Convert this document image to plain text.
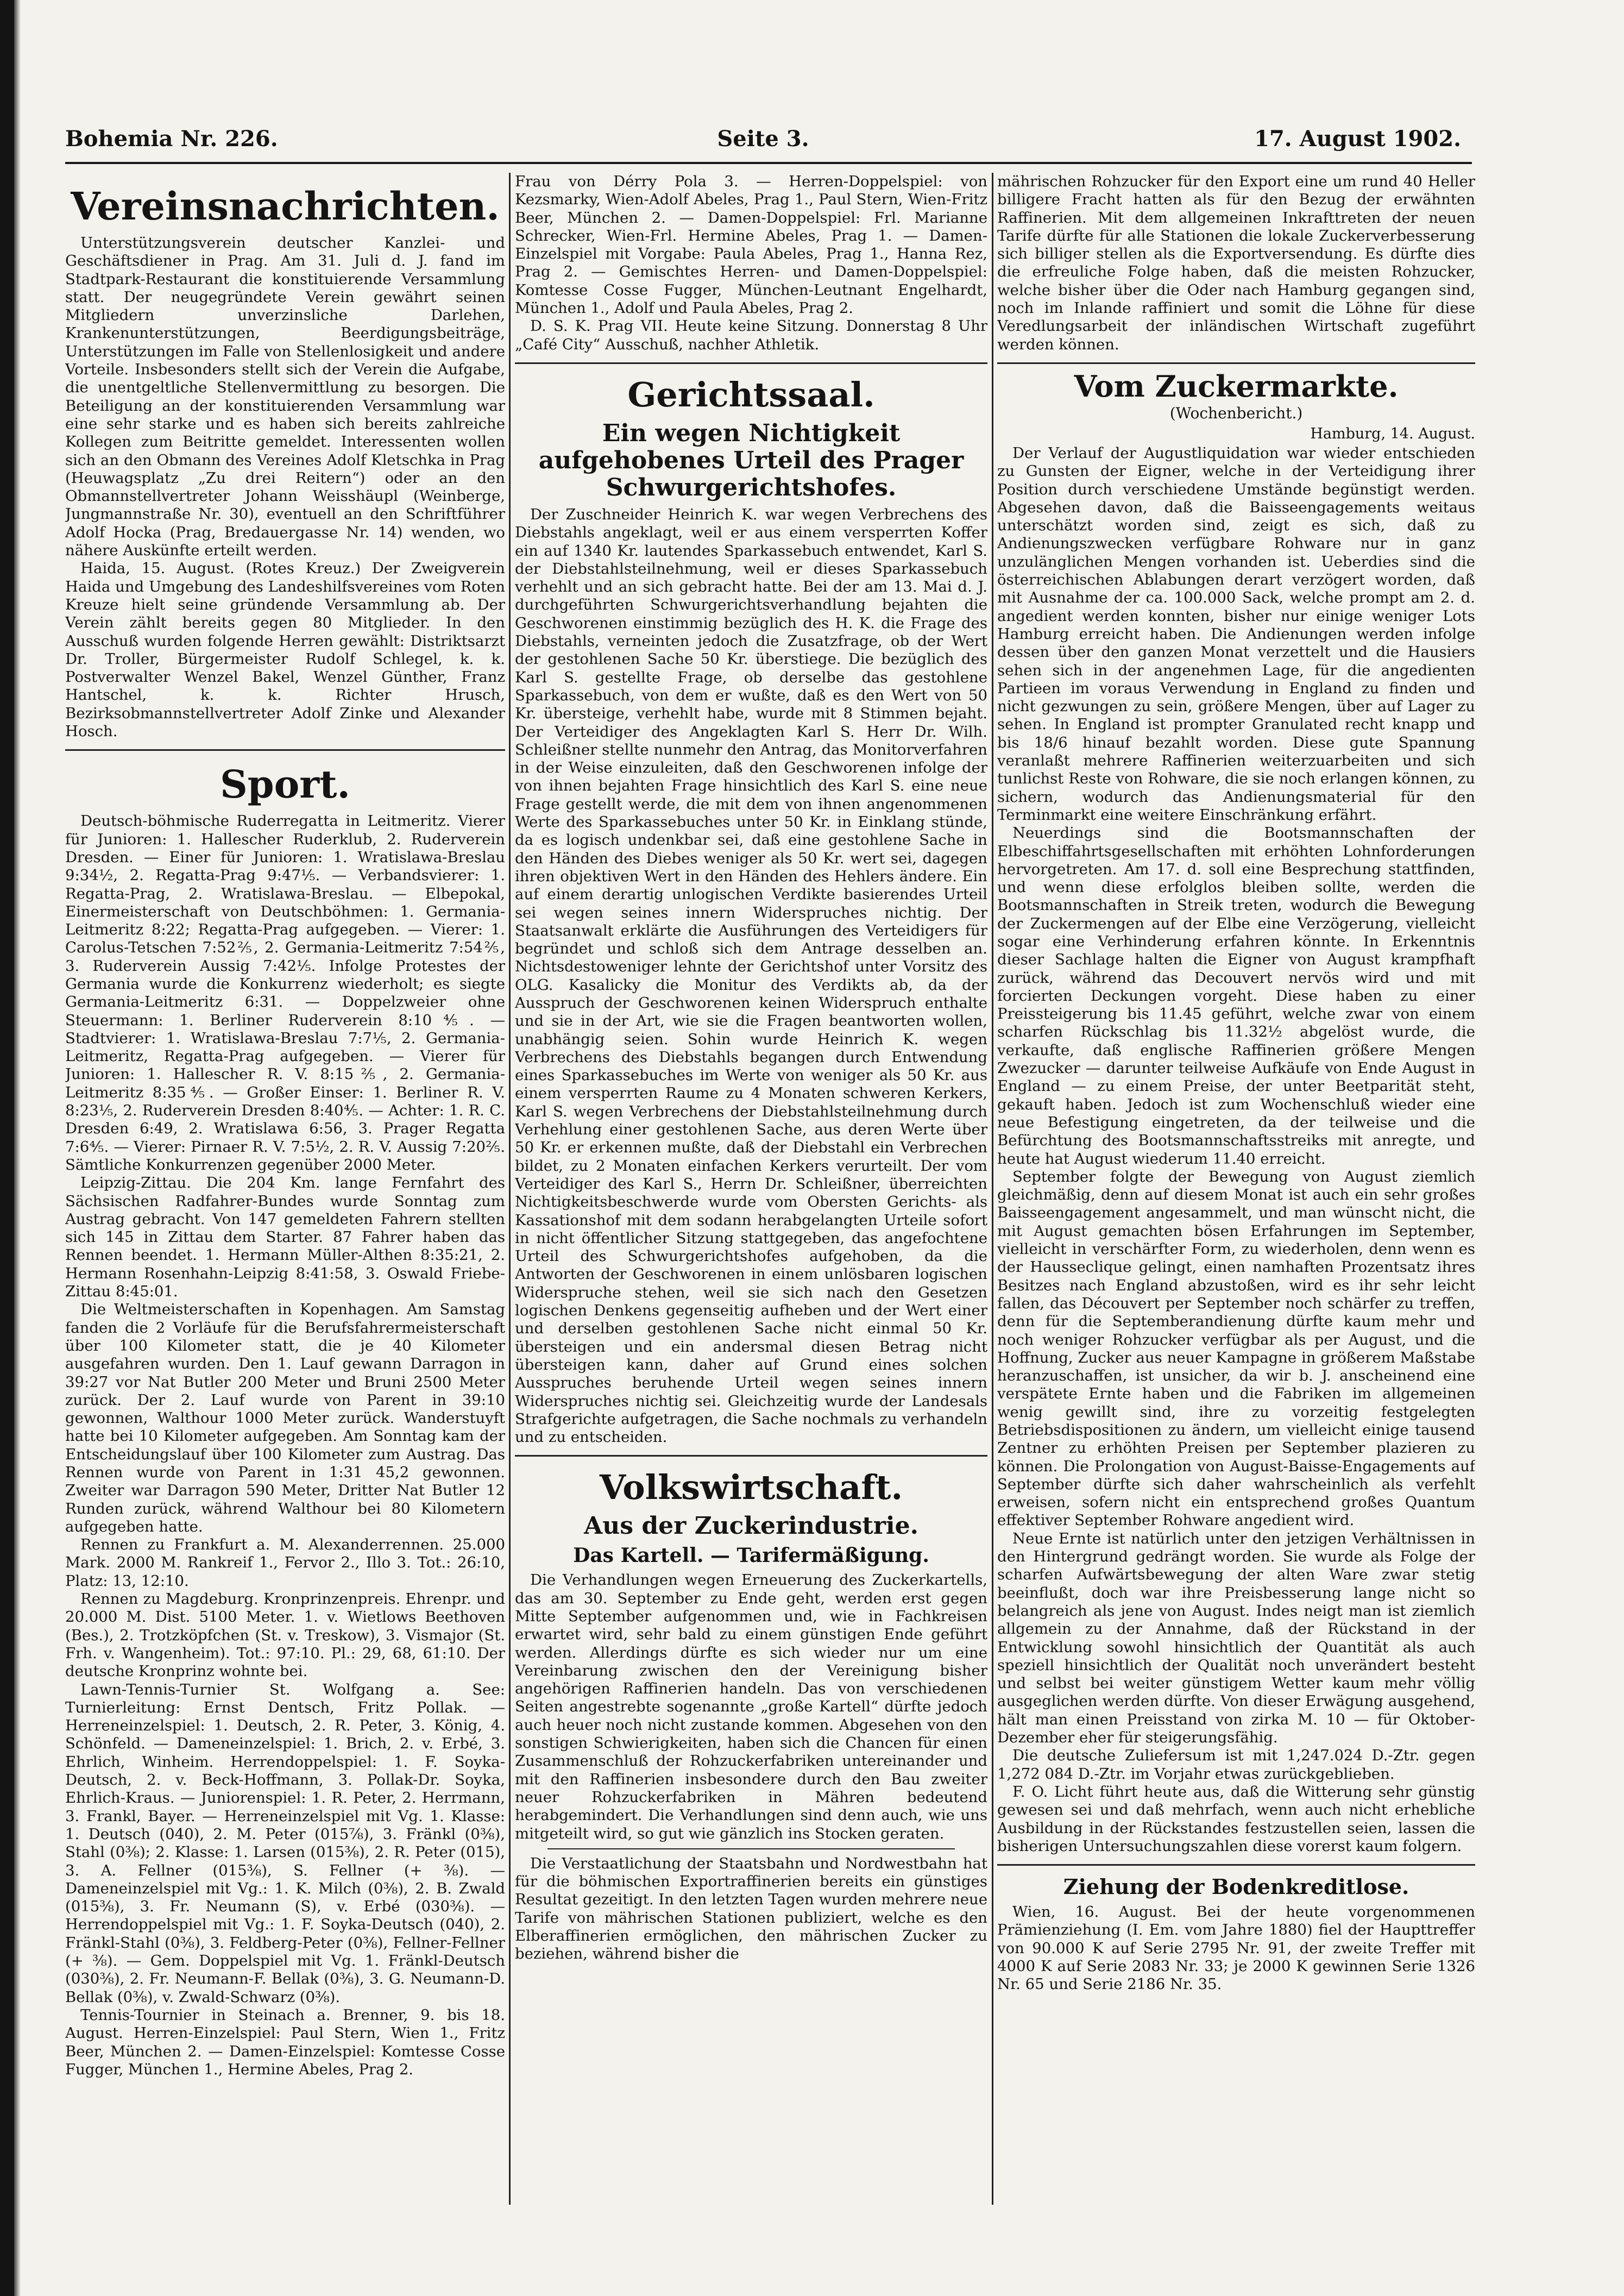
Bohemia Nr. 226.	Seite 3.	17. August 1902.
Vereinsnachrichten.

Unterstützungsverein deutscher Kanzlei- und Geschäftsdiener in Prag. Am 31. Juli d. J. fand im Stadtpark-Restaurant die konstituierende Versammlung statt. Der neugegründete Verein gewährt seinen Mitgliedern unverzinsliche Darlehen, Krankenunterstützungen, Beerdigungsbeiträge, Unterstützungen im Falle von Stellenlosigkeit und andere Vorteile. Insbesonders stellt sich der Verein die Aufgabe, die unentgeltliche Stellenvermittlung zu besorgen. Die Beteiligung an der konstituierenden Versammlung war eine sehr starke und es haben sich bereits zahlreiche Kollegen zum Beitritte gemeldet. Interessenten wollen sich an den Obmann des Vereines Adolf Kletschka in Prag (Heuwagsplatz „Zu drei Reitern“) oder an den Obmannstellvertreter Johann Weisshäupl (Weinberge, Jungmannstraße Nr. 30), eventuell an den Schriftführer Adolf Hocka (Prag, Bredauergasse Nr. 14) wenden, wo nähere Auskünfte erteilt werden.

Haida, 15. August. (Rotes Kreuz.) Der Zweigverein Haida und Umgebung des Landeshilfsvereines vom Roten Kreuze hielt seine gründende Versammlung ab. Der Verein zählt bereits gegen 80 Mitglieder. In den Ausschuß wurden folgende Herren gewählt: Distriktsarzt Dr. Troller, Bürgermeister Rudolf Schlegel, k. k. Postverwalter Wenzel Bakel, Wenzel Günther, Franz Hantschel, k. k. Richter Hrusch, Bezirksobmannstellvertreter Adolf Zinke und Alexander Hosch.

Sport.

Deutsch-böhmische Ruderregatta in Leitmeritz. Vierer für Junioren: 1. Hallescher Ruderklub, 2. Ruderverein Dresden. — Einer für Junioren: 1. Wratislawa-Breslau 9:34½, 2. Regatta-Prag 9:47⅕. — Verbandsvierer: 1. Regatta-Prag, 2. Wratislawa-Breslau. — Elbepokal, Einermeisterschaft von Deutschböhmen: 1. Germania-Leitmeritz 8:22; Regatta-Prag aufgegeben. — Vierer: 1. Carolus-Tetschen 7:52⅖, 2. Germania-Leitmeritz 7:54⅖, 3. Ruderverein Aussig 7:42⅕. Infolge Protestes der Germania wurde die Konkurrenz wiederholt; es siegte Germania-Leitmeritz 6:31. — Doppelzweier ohne Steuermann: 1. Berliner Ruderverein 8:10⅘. — Stadtvierer: 1. Wratislawa-Breslau 7:7⅕, 2. Germania-Leitmeritz, Regatta-Prag aufgegeben. — Vierer für Junioren: 1. Hallescher R. V. 8:15⅖, 2. Germania-Leitmeritz 8:35⅘. — Großer Einser: 1. Berliner R. V. 8:23⅕, 2. Ruderverein Dresden 8:40⅘. — Achter: 1. R. C. Dresden 6:49, 2. Wratislawa 6:56, 3. Prager Regatta 7:6⅘. — Vierer: Pirnaer R. V. 7:5½, 2. R. V. Aussig 7:20⅖. Sämtliche Konkurrenzen gegenüber 2000 Meter.

Leipzig-Zittau. Die 204 Km. lange Fernfahrt des Sächsischen Radfahrer-Bundes wurde Sonntag zum Austrag gebracht. Von 147 gemeldeten Fahrern stellten sich 145 in Zittau dem Starter. 87 Fahrer haben das Rennen beendet. 1. Hermann Müller-Althen 8:35:21, 2. Hermann Rosenhahn-Leipzig 8:41:58, 3. Oswald Friebe-Zittau 8:45:01.

Die Weltmeisterschaften in Kopenhagen. Am Samstag fanden die 2 Vorläufe für die Berufsfahrermeisterschaft über 100 Kilometer statt, die je 40 Kilometer ausgefahren wurden. Den 1. Lauf gewann Darragon in 39:27 vor Nat Butler 200 Meter und Bruni 2500 Meter zurück. Der 2. Lauf wurde von Parent in 39:10 gewonnen, Walthour 1000 Meter zurück. Wanderstuyft hatte bei 10 Kilometer aufgegeben. Am Sonntag kam der Entscheidungslauf über 100 Kilometer zum Austrag. Das Rennen wurde von Parent in 1:31 45,2 gewonnen. Zweiter war Darragon 590 Meter, Dritter Nat Butler 12 Runden zurück, während Walthour bei 80 Kilometern aufgegeben hatte.

Rennen zu Frankfurt a. M. Alexanderrennen. 25.000 Mark. 2000 M. Rankreif 1., Fervor 2., Illo 3. Tot.: 26:10, Platz: 13, 12:10.

Rennen zu Magdeburg. Kronprinzenpreis. Ehrenpr. und 20.000 M. Dist. 5100 Meter. 1. v. Wietlows Beethoven (Bes.), 2. Trotzköpfchen (St. v. Treskow), 3. Vismajor (St. Frh. v. Wangenheim). Tot.: 97:10. Pl.: 29, 68, 61:10. Der deutsche Kronprinz wohnte bei.

Lawn-Tennis-Turnier St. Wolfgang a. See: Turnierleitung: Ernst Dentsch, Fritz Pollak. — Herreneinzelspiel: 1. Deutsch, 2. R. Peter, 3. König, 4. Schönfeld. — Dameneinzelspiel: 1. Brich, 2. v. Erbé, 3. Ehrlich, Winheim. Herrendoppelspiel: 1. F. Soyka-Deutsch, 2. v. Beck-Hoffmann, 3. Pollak-Dr. Soyka, Ehrlich-Kraus. — Juniorenspiel: 1. R. Peter, 2. Herrmann, 3. Frankl, Bayer. — Herreneinzelspiel mit Vg. 1. Klasse: 1. Deutsch (040), 2. M. Peter (015⅞), 3. Fränkl (0⅜), Stahl (0⅜); 2. Klasse: 1. Larsen (015⅜), 2. R. Peter (015), 3. A. Fellner (015⅜), S. Fellner (+ ⅜). — Dameneinzelspiel mit Vg.: 1. K. Milch (0⅜), 2. B. Zwald (015⅜), 3. Fr. Neumann (S), v. Erbé (030⅜). — Herrendoppelspiel mit Vg.: 1. F. Soyka-Deutsch (040), 2. Fränkl-Stahl (0⅜), 3. Feldberg-Peter (0⅜), Fellner-Fellner (+ ⅜). — Gem. Doppelspiel mit Vg. 1. Fränkl-Deutsch (030⅜), 2. Fr. Neumann-F. Bellak (0⅜), 3. G. Neumann-D. Bellak (0⅜), v. Zwald-Schwarz (0⅜).

Tennis-Tournier in Steinach a. Brenner, 9. bis 18. August. Herren-Einzelspiel: Paul Stern, Wien 1., Fritz Beer, München 2. — Damen-Einzelspiel: Komtesse Cosse Fugger, München 1., Hermine Abeles, Prag 2.

Frau von Dérry Pola 3. — Herren-Doppelspiel: von Kezsmarky, Wien-Adolf Abeles, Prag 1., Paul Stern, Wien-Fritz Beer, München 2. — Damen-Doppelspiel: Frl. Marianne Schrecker, Wien-Frl. Hermine Abeles, Prag 1. — Damen-Einzelspiel mit Vorgabe: Paula Abeles, Prag 1., Hanna Rez, Prag 2. — Gemischtes Herren- und Damen-Doppelspiel: Komtesse Cosse Fugger, München-Leutnant Engelhardt, München 1., Adolf und Paula Abeles, Prag 2.

D. S. K. Prag VII. Heute keine Sitzung. Donnerstag 8 Uhr „Café City“ Ausschuß, nachher Athletik.

Gerichtssaal.
Ein wegen Nichtigkeit aufgehobenes Urteil des Prager Schwurgerichtshofes.

Der Zuschneider Heinrich K. war wegen Verbrechens des Diebstahls angeklagt, weil er aus einem versperrten Koffer ein auf 1340 Kr. lautendes Sparkassebuch entwendet, Karl S. der Diebstahlsteilnehmung, weil er dieses Sparkassebuch verhehlt und an sich gebracht hatte. Bei der am 13. Mai d. J. durchgeführten Schwurgerichtsverhandlung bejahten die Geschworenen einstimmig bezüglich des H. K. die Frage des Diebstahls, verneinten jedoch die Zusatzfrage, ob der Wert der gestohlenen Sache 50 Kr. überstiege. Die bezüglich des Karl S. gestellte Frage, ob derselbe das gestohlene Sparkassebuch, von dem er wußte, daß es den Wert von 50 Kr. übersteige, verhehlt habe, wurde mit 8 Stimmen bejaht. Der Verteidiger des Angeklagten Karl S. Herr Dr. Wilh. Schleißner stellte nunmehr den Antrag, das Monitorverfahren in der Weise einzuleiten, daß den Geschworenen infolge der von ihnen bejahten Frage hinsichtlich des Karl S. eine neue Frage gestellt werde, die mit dem von ihnen angenommenen Werte des Sparkassebuches unter 50 Kr. in Einklang stünde, da es logisch undenkbar sei, daß eine gestohlene Sache in den Händen des Diebes weniger als 50 Kr. wert sei, dagegen ihren objektiven Wert in den Händen des Hehlers ändere. Ein auf einem derartig unlogischen Verdikte basierendes Urteil sei wegen seines innern Widerspruches nichtig. Der Staatsanwalt erklärte die Ausführungen des Verteidigers für begründet und schloß sich dem Antrage desselben an. Nichtsdestoweniger lehnte der Gerichtshof unter Vorsitz des OLG. Kasalicky die Monitur des Verdikts ab, da der Ausspruch der Geschworenen keinen Widerspruch enthalte und sie in der Art, wie sie die Fragen beantworten wollen, unabhängig seien. Sohin wurde Heinrich K. wegen Verbrechens des Diebstahls begangen durch Entwendung eines Sparkassebuches im Werte von weniger als 50 Kr. aus einem versperrten Raume zu 4 Monaten schweren Kerkers, Karl S. wegen Verbrechens der Diebstahlsteilnehmung durch Verhehlung einer gestohlenen Sache, aus deren Werte über 50 Kr. er erkennen mußte, daß der Diebstahl ein Verbrechen bildet, zu 2 Monaten einfachen Kerkers verurteilt. Der vom Verteidiger des Karl S., Herrn Dr. Schleißner, überreichten Nichtigkeitsbeschwerde wurde vom Obersten Gerichts- als Kassationshof mit dem sodann herabgelangten Urteile sofort in nicht öffentlicher Sitzung stattgegeben, das angefochtene Urteil des Schwurgerichtshofes aufgehoben, da die Antworten der Geschworenen in einem unlösbaren logischen Widerspruche stehen, weil sie sich nach den Gesetzen logischen Denkens gegenseitig aufheben und der Wert einer und derselben gestohlenen Sache nicht einmal 50 Kr. übersteigen und ein andersmal diesen Betrag nicht übersteigen kann, daher auf Grund eines solchen Ausspruches beruhende Urteil wegen seines innern Widerspruches nichtig sei. Gleichzeitig wurde der Landesals Strafgerichte aufgetragen, die Sache nochmals zu verhandeln und zu entscheiden.

Volkswirtschaft.
Aus der Zuckerindustrie.
Das Kartell. — Tarifermäßigung.

Die Verhandlungen wegen Erneuerung des Zuckerkartells, das am 30. September zu Ende geht, werden erst gegen Mitte September aufgenommen und, wie in Fachkreisen erwartet wird, sehr bald zu einem günstigen Ende geführt werden. Allerdings dürfte es sich wieder nur um eine Vereinbarung zwischen den der Vereinigung bisher angehörigen Raffinerien handeln. Das von verschiedenen Seiten angestrebte sogenannte „große Kartell“ dürfte jedoch auch heuer noch nicht zustande kommen. Abgesehen von den sonstigen Schwierigkeiten, haben sich die Chancen für einen Zusammenschluß der Rohzuckerfabriken untereinander und mit den Raffinerien insbesondere durch den Bau zweiter neuer Rohzuckerfabriken in Mähren bedeutend herabgemindert. Die Verhandlungen sind denn auch, wie uns mitgeteilt wird, so gut wie gänzlich ins Stocken geraten.

Die Verstaatlichung der Staatsbahn und Nordwestbahn hat für die böhmischen Exportraffinerien bereits ein günstiges Resultat gezeitigt. In den letzten Tagen wurden mehrere neue Tarife von mährischen Stationen publiziert, welche es den Elberaffinerien ermöglichen, den mährischen Zucker zu beziehen, während bisher die

mährischen Rohzucker für den Export eine um rund 40 Heller billigere Fracht hatten als für den Bezug der erwähnten Raffinerien. Mit dem allgemeinen Inkrafttreten der neuen Tarife dürfte für alle Stationen die lokale Zuckerverbesserung sich billiger stellen als die Exportversendung. Es dürfte dies die erfreuliche Folge haben, daß die meisten Rohzucker, welche bisher über die Oder nach Hamburg gegangen sind, noch im Inlande raffiniert und somit die Löhne für diese Veredlungsarbeit der inländischen Wirtschaft zugeführt werden können.

Vom Zuckermarkte.
(Wochenbericht.)
Hamburg, 14. August.

Der Verlauf der Augustliquidation war wieder entschieden zu Gunsten der Eigner, welche in der Verteidigung ihrer Position durch verschiedene Umstände begünstigt werden. Abgesehen davon, daß die Baisseengagements weitaus unterschätzt worden sind, zeigt es sich, daß zu Andienungszwecken verfügbare Rohware nur in ganz unzulänglichen Mengen vorhanden ist. Ueberdies sind die österreichischen Ablabungen derart verzögert worden, daß mit Ausnahme der ca. 100.000 Sack, welche prompt am 2. d. angedient werden konnten, bisher nur einige weniger Lots Hamburg erreicht haben. Die Andienungen werden infolge dessen über den ganzen Monat verzettelt und die Hausiers sehen sich in der angenehmen Lage, für die angedienten Partieen im voraus Verwendung in England zu finden und nicht gezwungen zu sein, größere Mengen, über auf Lager zu sehen. In England ist prompter Granulated recht knapp und bis 18/6 hinauf bezahlt worden. Diese gute Spannung veranlaßt mehrere Raffinerien weiterzuarbeiten und sich tunlichst Reste von Rohware, die sie noch erlangen können, zu sichern, wodurch das Andienungsmaterial für den Terminmarkt eine weitere Einschränkung erfährt.

Neuerdings sind die Bootsmannschaften der Elbeschiffahrtsgesellschaften mit erhöhten Lohnforderungen hervorgetreten. Am 17. d. soll eine Besprechung stattfinden, und wenn diese erfolglos bleiben sollte, werden die Bootsmannschaften in Streik treten, wodurch die Bewegung der Zuckermengen auf der Elbe eine Verzögerung, vielleicht sogar eine Verhinderung erfahren könnte. In Erkenntnis dieser Sachlage halten die Eigner von August krampfhaft zurück, während das Decouvert nervös wird und mit forcierten Deckungen vorgeht. Diese haben zu einer Preissteigerung bis 11.45 geführt, welche zwar von einem scharfen Rückschlag bis 11.32½ abgelöst wurde, die verkaufte, daß englische Raffinerien größere Mengen Zwezucker — darunter teilweise Aufkäufe von Ende August in England — zu einem Preise, der unter Beetparität steht, gekauft haben. Jedoch ist zum Wochenschluß wieder eine neue Befestigung eingetreten, da der teilweise und die Befürchtung des Bootsmannschaftsstreiks mit anregte, und heute hat August wiederum 11.40 erreicht.

September folgte der Bewegung von August ziemlich gleichmäßig, denn auf diesem Monat ist auch ein sehr großes Baisseengagement angesammelt, und man wünscht nicht, die mit August gemachten bösen Erfahrungen im September, vielleicht in verschärfter Form, zu wiederholen, denn wenn es der Hausseclique gelingt, einen namhaften Prozentsatz ihres Besitzes nach England abzustoßen, wird es ihr sehr leicht fallen, das Découvert per September noch schärfer zu treffen, denn für die Septemberandienung dürfte kaum mehr und noch weniger Rohzucker verfügbar als per August, und die Hoffnung, Zucker aus neuer Kampagne in größerem Maßstabe heranzuschaffen, ist unsicher, da wir b. J. anscheinend eine verspätete Ernte haben und die Fabriken im allgemeinen wenig gewillt sind, ihre zu vorzeitig festgelegten Betriebsdispositionen zu ändern, um vielleicht einige tausend Zentner zu erhöhten Preisen per September plazieren zu können. Die Prolongation von August-Baisse-Engagements auf September dürfte sich daher wahrscheinlich als verfehlt erweisen, sofern nicht ein entsprechend großes Quantum effektiver September Rohware angedient wird.

Neue Ernte ist natürlich unter den jetzigen Verhältnissen in den Hintergrund gedrängt worden. Sie wurde als Folge der scharfen Aufwärtsbewegung der alten Ware zwar stetig beeinflußt, doch war ihre Preisbesserung lange nicht so belangreich als jene von August. Indes neigt man ist ziemlich allgemein zu der Annahme, daß der Rückstand in der Entwicklung sowohl hinsichtlich der Quantität als auch speziell hinsichtlich der Qualität noch unverändert besteht und selbst bei weiter günstigem Wetter kaum mehr völlig ausgeglichen werden dürfte. Von dieser Erwägung ausgehend, hält man einen Preisstand von zirka M. 10 — für Oktober-Dezember eher für steigerungsfähig.

Die deutsche Zuliefersum ist mit 1,247.024 D.-Ztr. gegen 1,272 084 D.-Ztr. im Vorjahr etwas zurückgeblieben.

F. O. Licht führt heute aus, daß die Witterung sehr günstig gewesen sei und daß mehrfach, wenn auch nicht erhebliche Ausbildung in der Rückstandes festzustellen seien, lassen die bisherigen Untersuchungszahlen diese vorerst kaum folgern.

Ziehung der Bodenkreditlose.

Wien, 16. August. Bei der heute vorgenommenen Prämienziehung (I. Em. vom Jahre 1880) fiel der Haupttreffer von 90.000 K auf Serie 2795 Nr. 91, der zweite Treffer mit 4000 K auf Serie 2083 Nr. 33; je 2000 K gewinnen Serie 1326 Nr. 65 und Serie 2186 Nr. 35.
